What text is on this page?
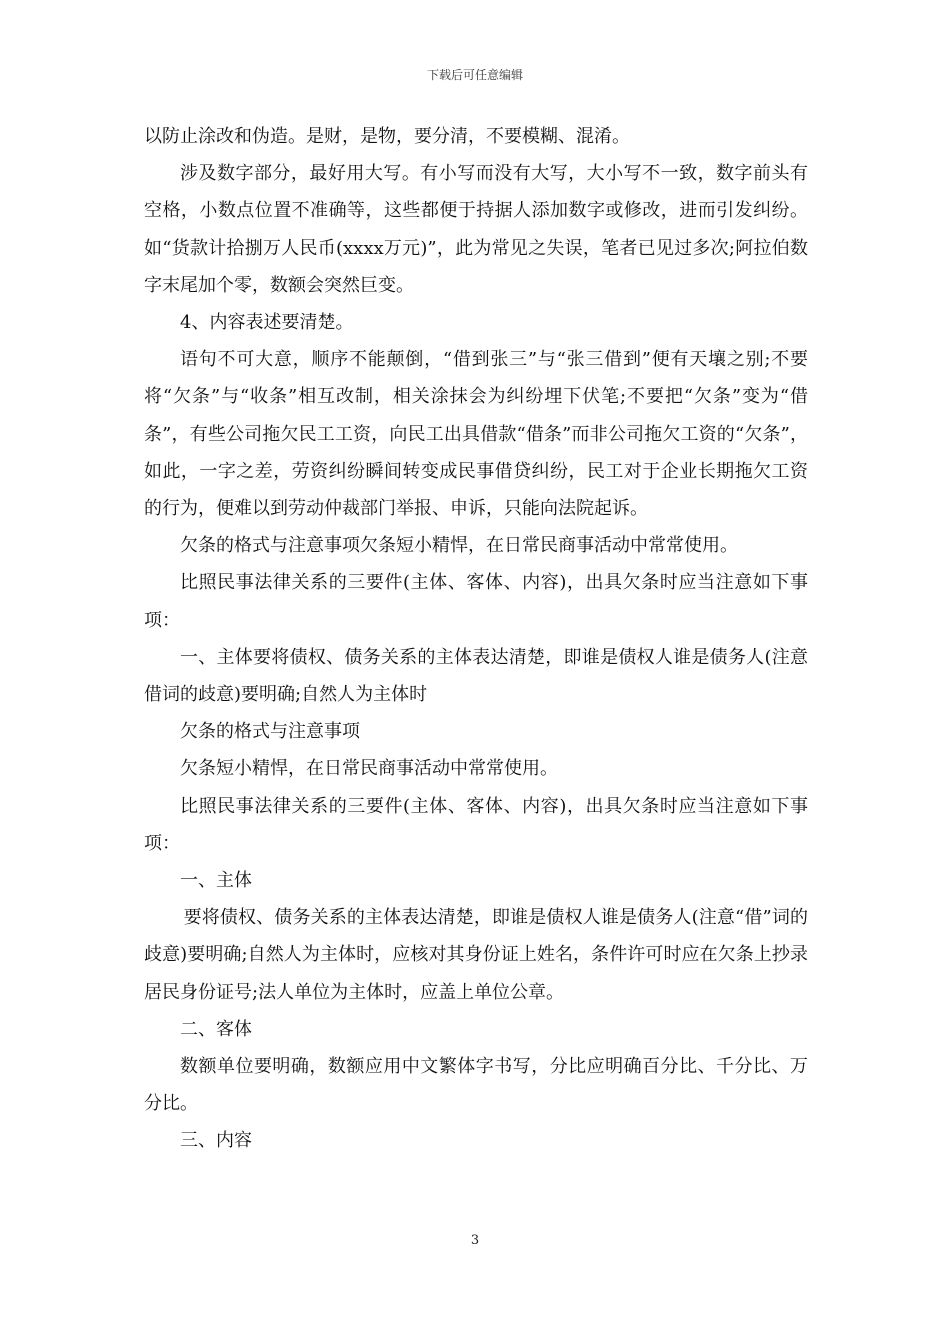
下载后可任意编辑

以防止涂改和伪造。是财，是物，要分清，不要模糊、混淆。

涉及数字部分，最好用大写。有小写而没有大写，大小写不一致，数字前头有空格，小数点位置不准确等，这些都便于持据人添加数字或修改，进而引发纠纷。如“货款计拾捌万人民币(xxxx万元)”，此为常见之失误，笔者已见过多次;阿拉伯数字末尾加个零，数额会突然巨变。

4、内容表述要清楚。

语句不可大意，顺序不能颠倒，“借到张三”与“张三借到”便有天壤之别;不要将“欠条”与“收条”相互改制，相关涂抹会为纠纷埋下伏笔;不要把“欠条”变为“借条”，有些公司拖欠民工工资，向民工出具借款“借条”而非公司拖欠工资的“欠条”，如此，一字之差，劳资纠纷瞬间转变成民事借贷纠纷，民工对于企业长期拖欠工资的行为，便难以到劳动仲裁部门举报、申诉，只能向法院起诉。

欠条的格式与注意事项欠条短小精悍，在日常民商事活动中常常使用。

比照民事法律关系的三要件(主体、客体、内容)，出具欠条时应当注意如下事项：

一、主体要将债权、债务关系的主体表达清楚，即谁是债权人谁是债务人(注意借词的歧意)要明确;自然人为主体时

欠条的格式与注意事项

欠条短小精悍，在日常民商事活动中常常使用。

比照民事法律关系的三要件(主体、客体、内容)，出具欠条时应当注意如下事项：

一、主体

要将债权、债务关系的主体表达清楚，即谁是债权人谁是债务人(注意“借”词的歧意)要明确;自然人为主体时，应核对其身份证上姓名，条件许可时应在欠条上抄录居民身份证号;法人单位为主体时，应盖上单位公章。

二、客体

数额单位要明确，数额应用中文繁体字书写，分比应明确百分比、千分比、万分比。

三、内容

3
